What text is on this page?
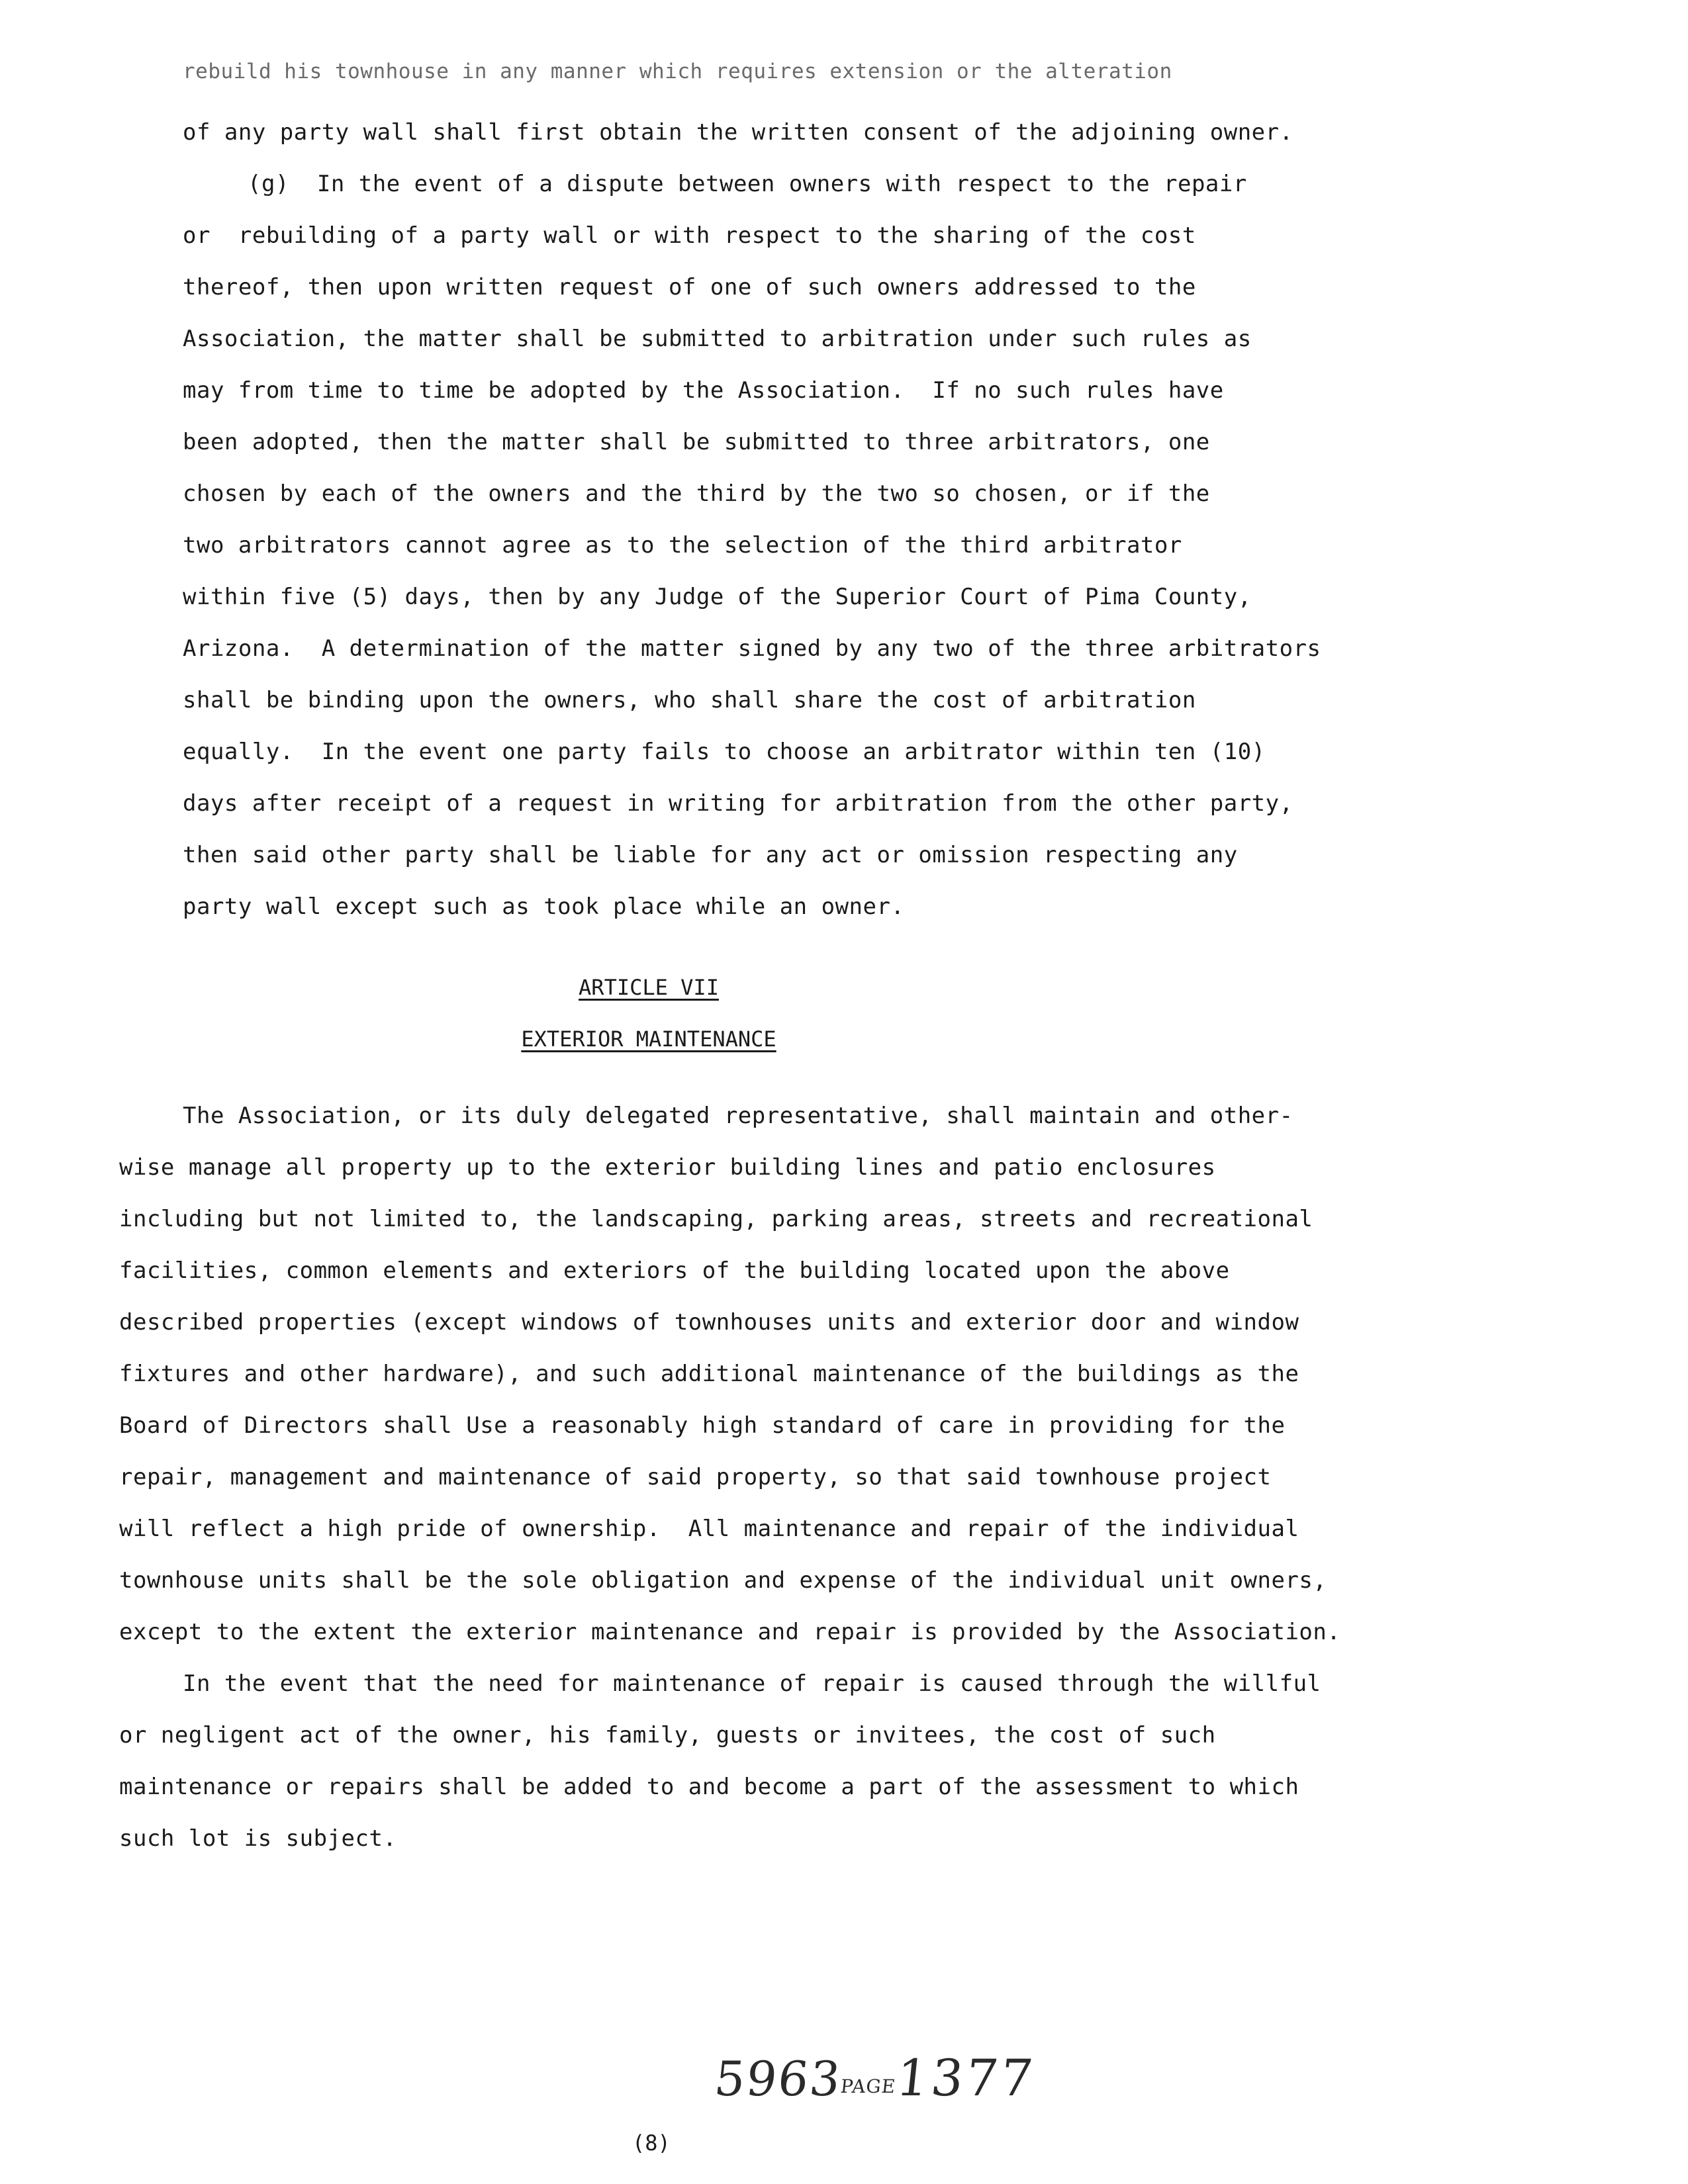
rebuild his townhouse in any manner which requires extension or the alteration
of any party wall shall first obtain the written consent of the adjoining owner.
(g)  In the event of a dispute between owners with respect to the repair
or  rebuilding of a party wall or with respect to the sharing of the cost
thereof, then upon written request of one of such owners addressed to the
Association, the matter shall be submitted to arbitration under such rules as
may from time to time be adopted by the Association.  If no such rules have
been adopted, then the matter shall be submitted to three arbitrators, one
chosen by each of the owners and the third by the two so chosen, or if the
two arbitrators cannot agree as to the selection of the third arbitrator
within five (5) days, then by any Judge of the Superior Court of Pima County,
Arizona.  A determination of the matter signed by any two of the three arbitrators
shall be binding upon the owners, who shall share the cost of arbitration
equally.  In the event one party fails to choose an arbitrator within ten (10)
days after receipt of a request in writing for arbitration from the other party,
then said other party shall be liable for any act or omission respecting any
party wall except such as took place while an owner.
ARTICLE VII
EXTERIOR MAINTENANCE
The Association, or its duly delegated representative, shall maintain and other-
wise manage all property up to the exterior building lines and patio enclosures
including but not limited to, the landscaping, parking areas, streets and recreational
facilities, common elements and exteriors of the building located upon the above
described properties (except windows of townhouses units and exterior door and window
fixtures and other hardware), and such additional maintenance of the buildings as the
Board of Directors shall Use a reasonably high standard of care in providing for the
repair, management and maintenance of said property, so that said townhouse project
will reflect a high pride of ownership.  All maintenance and repair of the individual
townhouse units shall be the sole obligation and expense of the individual unit owners,
except to the extent the exterior maintenance and repair is provided by the Association.
In the event that the need for maintenance of repair is caused through the willful
or negligent act of the owner, his family, guests or invitees, the cost of such
maintenance or repairs shall be added to and become a part of the assessment to which
such lot is subject.
5963PAGE1377
(8)
